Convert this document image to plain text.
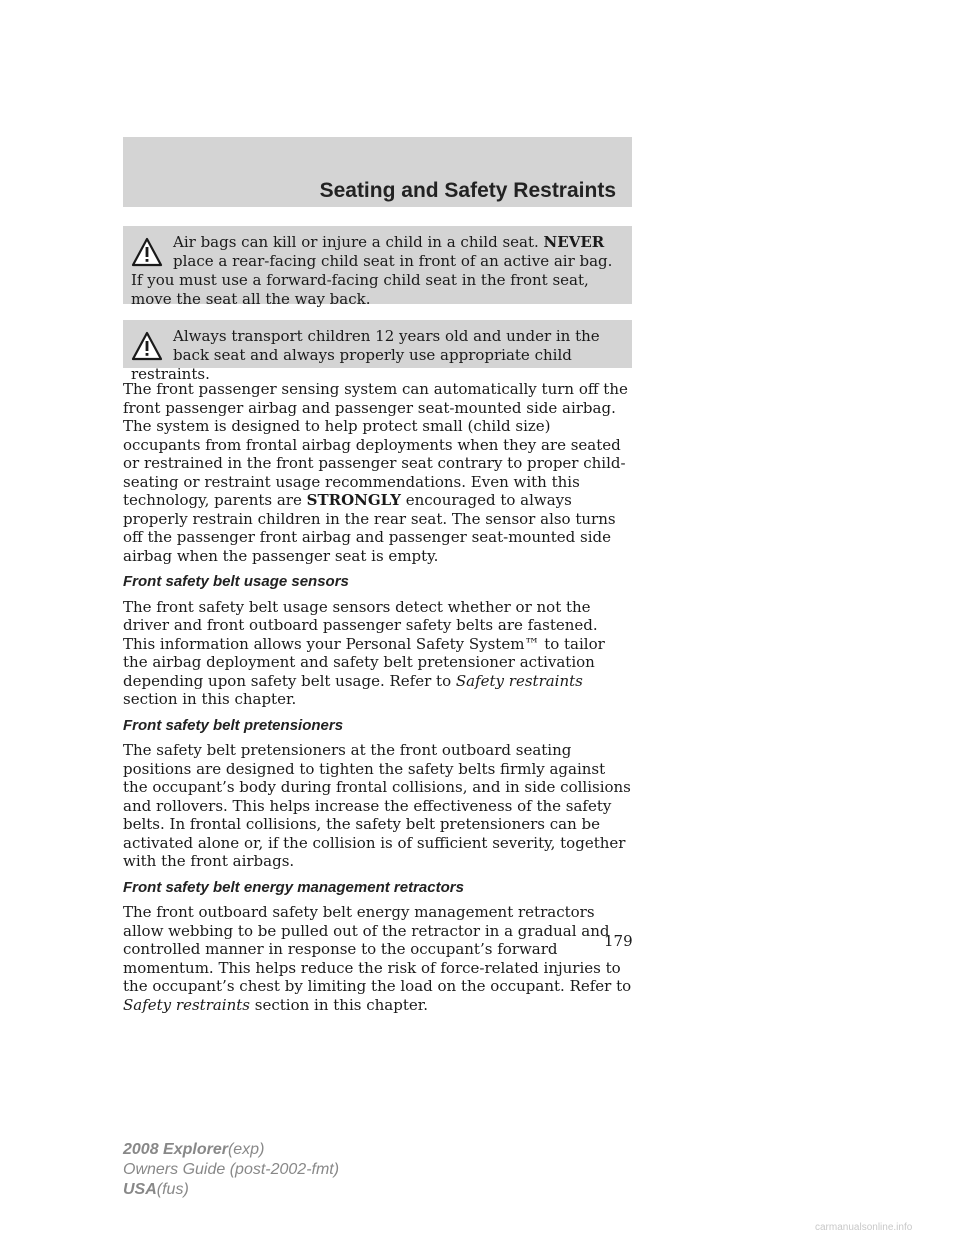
Seating and Safety Restraints
Air bags can kill or injure a child in a child seat. NEVER place a rear-facing child seat in front of an active air bag. If you must use a forward-facing child seat in the front seat, move the seat all the way back.
Always transport children 12 years old and under in the back seat and always properly use appropriate child restraints.

The front passenger sensing system can automatically turn off the front passenger airbag and passenger seat-mounted side airbag. The system is designed to help protect small (child size) occupants from frontal airbag deployments when they are seated or restrained in the front passenger seat contrary to proper child-seating or restraint usage recommendations. Even with this technology, parents are STRONGLY encouraged to always properly restrain children in the rear seat. The sensor also turns off the passenger front airbag and passenger seat-mounted side airbag when the passenger seat is empty.

Front safety belt usage sensors

The front safety belt usage sensors detect whether or not the driver and front outboard passenger safety belts are fastened. This information allows your Personal Safety System™ to tailor the airbag deployment and safety belt pretensioner activation depending upon safety belt usage. Refer to Safety restraints section in this chapter.

Front safety belt pretensioners

The safety belt pretensioners at the front outboard seating positions are designed to tighten the safety belts firmly against the occupant’s body during frontal collisions, and in side collisions and rollovers. This helps increase the effectiveness of the safety belts. In frontal collisions, the safety belt pretensioners can be activated alone or, if the collision is of sufficient severity, together with the front airbags.

Front safety belt energy management retractors

The front outboard safety belt energy management retractors allow webbing to be pulled out of the retractor in a gradual and controlled manner in response to the occupant’s forward momentum. This helps reduce the risk of force-related injuries to the occupant’s chest by limiting the load on the occupant. Refer to Safety restraints section in this chapter.

179
2008 Explorer(exp)
Owners Guide (post-2002-fmt)
USA(fus)
carmanualsonline.info
